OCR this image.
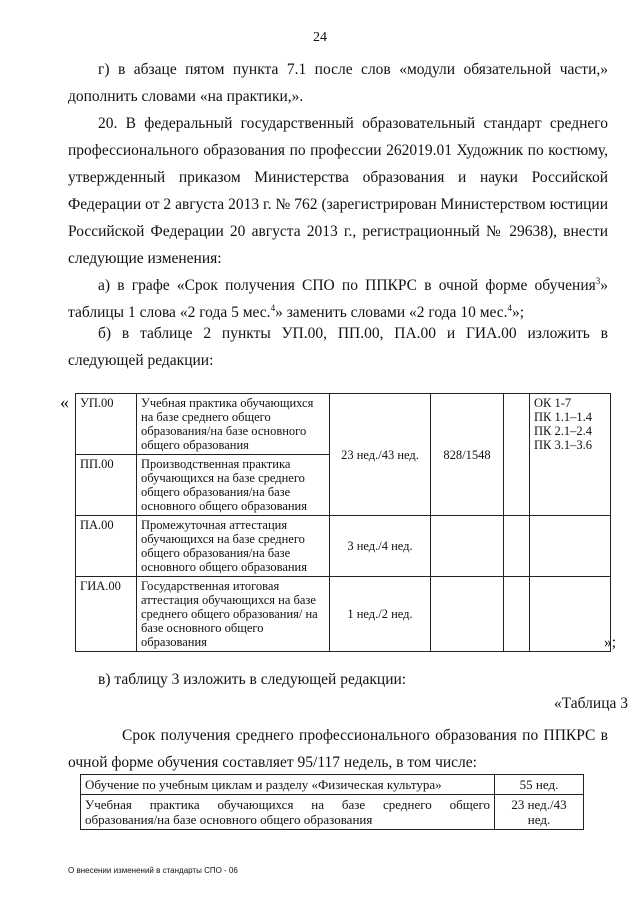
24

г) в абзаце пятом пункта 7.1 после слов «модули обязательной части,» дополнить словами «на практики,».

20. В федеральный государственный образовательный стандарт среднего профессионального образования по профессии 262019.01 Художник по костюму, утвержденный приказом Министерства образования и науки Российской Федерации от 2 августа 2013 г. № 762 (зарегистрирован Министерством юстиции Российской Федерации 20 августа 2013 г., регистрационный № 29638), внести следующие изменения:

а) в графе «Срок получения СПО по ППКРС в очной форме обучения$^3$» таблицы 1 слова «2 года 5 мес.$^4$» заменить словами «2 года 10 мес.$^4$»;

б) в таблице 2 пункты УП.00, ПП.00, ПА.00 и ГИА.00 изложить в следующей редакции:

« УП.00	Учебная практика обучающихся на базе среднего общего образования/на базе основного общего образования	23 нед./43 нед.	828/1548		ОК 1-7
ПК 1.1–1.4
ПК 2.1–2.4
ПК 3.1–3.6

ПП.00	Производственная практика обучающихся на базе среднего общего образования/на базе основного общего образования				
ПА.00	Промежуточная аттестация обучающихся на базе среднего общего образования/на базе основного общего образования	3 нед./4 нед.			
ГИА.00	Государственная итоговая аттестация обучающихся на базе среднего общего образования/ на базе основного общего образования	1 нед./2 нед.			
»;

в) таблицу 3 изложить в следующей редакции:

«Таблица 3

Срок получения среднего профессионального образования по ППКРС в очной форме обучения составляет 95/117 недель, в том числе:

Обучение по учебным циклам и разделу «Физическая культура»	55 нед.
Учебная практика обучающихся на базе среднего общего
образования/на базе основного общего образования	23 нед./43 нед.
О внесении изменений в стандарты СПО - 06
